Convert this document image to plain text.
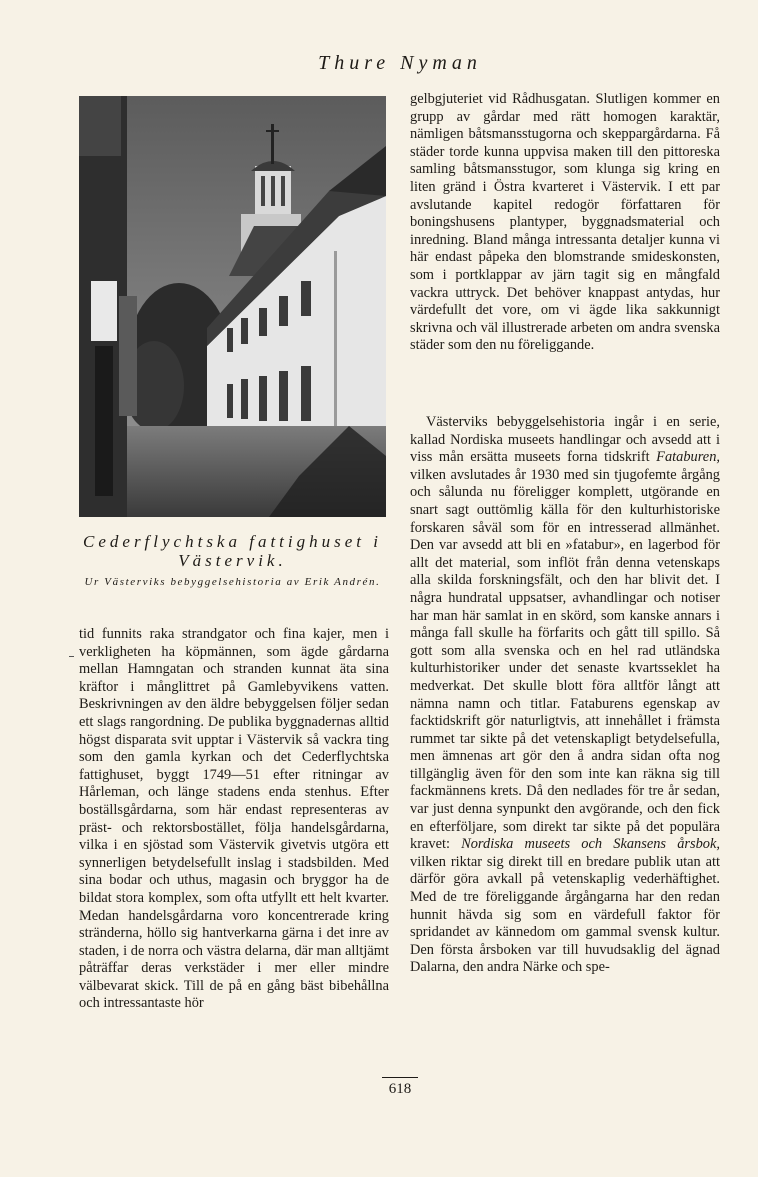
Thure Nyman
Cederflychtska fattighuset i Västervik.
Ur Västerviks bebyggelsehistoria av Erik Andrén.

tid funnits raka strandgator och fina kajer, men i verkligheten ha köpmännen, som ägde gårdarna mellan Hamngatan och stranden kunnat äta sina kräftor i månglittret på Gamlebyvikens vatten. Beskrivningen av den äldre bebyggelsen följer sedan ett slags rangordning. De publika byggnadernas alltid högst disparata svit upptar i Västervik så vackra ting som den gamla kyrkan och det Cederflychtska fattighuset, byggt 1749—51 efter ritningar av Hårleman, och länge stadens enda stenhus. Efter boställsgårdarna, som här endast representeras av präst- och rektorsbostället, följa handelsgårdarna, vilka i en sjöstad som Västervik givetvis utgöra ett synnerligen betydelsefullt inslag i stadsbilden. Med sina bodar och uthus, magasin och bryggor ha de bildat stora komplex, som ofta utfyllt ett helt kvarter. Medan handelsgårdarna voro koncentrerade kring stränderna, höllo sig hantverkarna gärna i det inre av staden, i de norra och västra delarna, där man alltjämt påträffar deras verkstäder i mer eller mindre välbevarat skick. Till de på en gång bäst bibehållna och intressantaste hör

gelbgjuteriet vid Rådhusgatan. Slutligen kommer en grupp av gårdar med rätt homogen karaktär, nämligen båtsmansstugorna och skeppargårdarna. Få städer torde kunna uppvisa maken till den pittoreska samling båtsmansstugor, som klunga sig kring en liten gränd i Östra kvarteret i Västervik. I ett par avslutande kapitel redogör författaren för boningshusens plantyper, byggnadsmaterial och inredning. Bland många intressanta detaljer kunna vi här endast påpeka den blomstrande smideskonsten, som i portklappar av järn tagit sig en mångfald vackra uttryck. Det behöver knappast antydas, hur värdefullt det vore, om vi ägde lika sakkunnigt skrivna och väl illustrerade arbeten om andra svenska städer som den nu föreliggande.

Västerviks bebyggelsehistoria ingår i en serie, kallad Nordiska museets handlingar och avsedd att i viss mån ersätta museets forna tidskrift Fataburen, vilken avslutades år 1930 med sin tjugofemte årgång och sålunda nu föreligger komplett, utgörande en snart sagt outtömlig källa för den kulturhistoriske forskaren såväl som för en intresserad allmänhet. Den var avsedd att bli en »fatabur», en lagerbod för allt det material, som inflöt från denna vetenskaps alla skilda forskningsfält, och den har blivit det. I några hundratal uppsatser, avhandlingar och notiser har man här samlat in en skörd, som kanske annars i många fall skulle ha förfarits och gått till spillo. Så gott som alla svenska och en hel rad utländska kulturhistoriker under det senaste kvartsseklet ha medverkat. Det skulle blott föra alltför långt att nämna namn och titlar. Fataburens egenskap av facktidskrift gör naturligtvis, att innehållet i främsta rummet tar sikte på det vetenskapligt betydelsefulla, men ämnenas art gör den å andra sidan ofta nog tillgänglig även för den som inte kan räkna sig till fackmännens krets. Då den nedlades för tre år sedan, var just denna synpunkt den avgörande, och den fick en efterföljare, som direkt tar sikte på det populära kravet: Nordiska museets och Skansens årsbok, vilken riktar sig direkt till en bredare publik utan att därför göra avkall på vetenskaplig vederhäftighet. Med de tre föreliggande årgångarna har den redan hunnit hävda sig som en värdefull faktor för spridandet av kännedom om gammal svensk kultur. Den första årsboken var till huvudsaklig del ägnad Dalarna, den andra Närke och spe-

618
